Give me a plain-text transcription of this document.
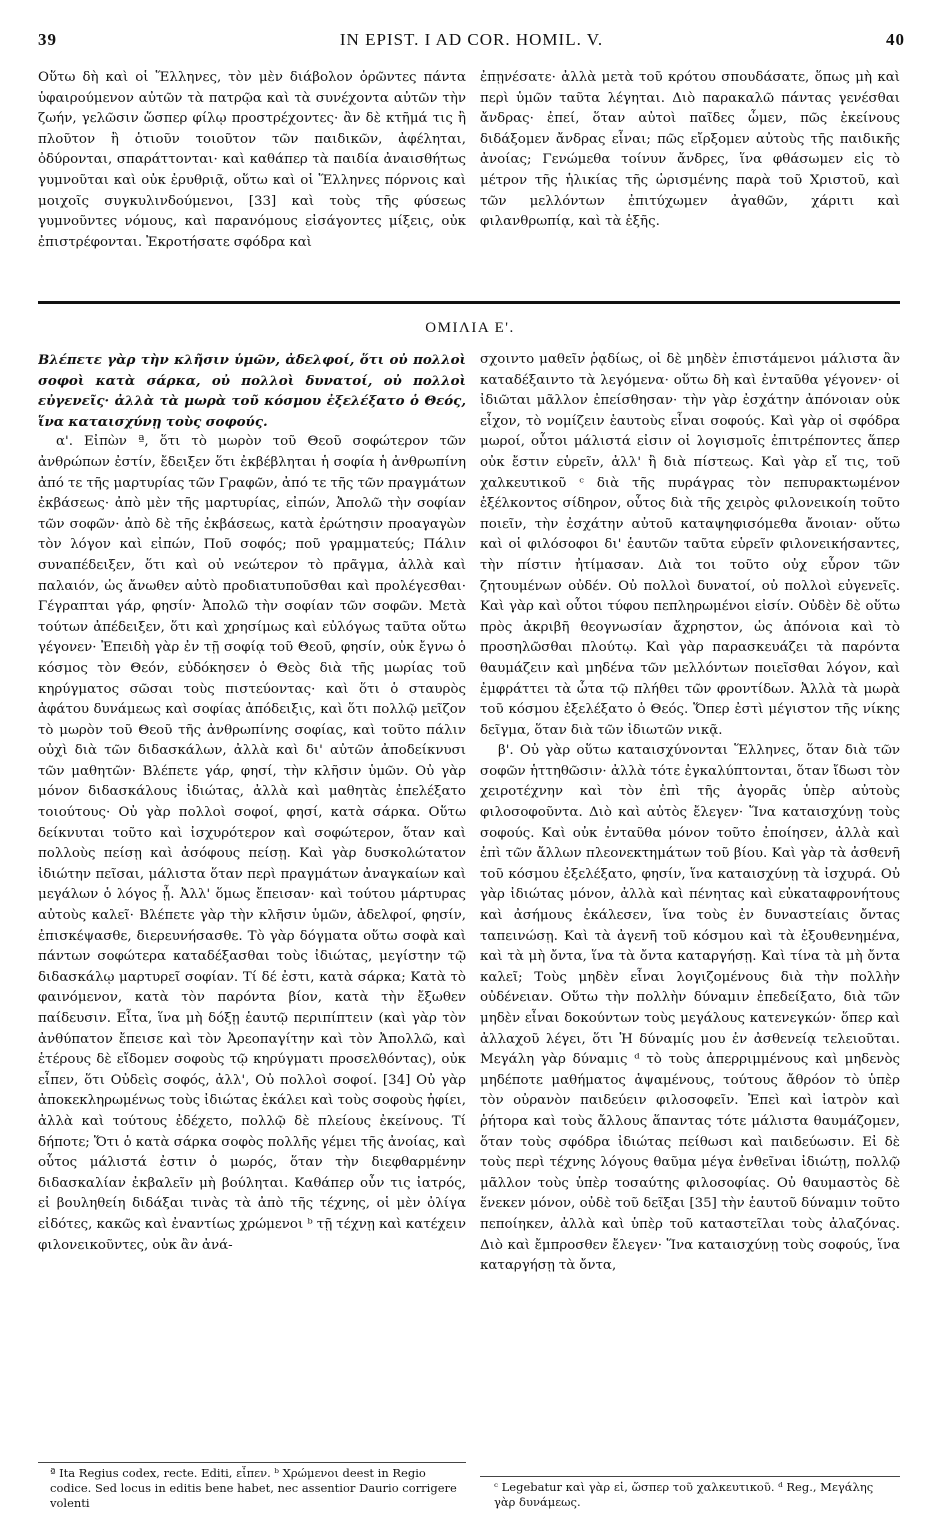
39	IN EPIST. I AD COR. HOMIL. V.	40

Οὕτω δὴ καὶ οἱ Ἕλληνες, τὸν μὲν διάβολον ὁρῶντες πάντα ὑφαιρούμενον αὐτῶν τὰ πατρῷα καὶ τὰ συνέχοντα αὐτῶν τὴν ζωήν, γελῶσιν ὥσπερ φίλῳ προστρέχοντες· ἂν δὲ κτῆμά τις ἢ πλοῦτον ἢ ὁτιοῦν τοιοῦτον τῶν παιδικῶν, ἀφέληται, ὀδύρονται, σπαράττονται· καὶ καθάπερ τὰ παιδία ἀναισθήτως γυμνοῦται καὶ οὐκ ἐρυθριᾷ, οὕτω καὶ οἱ Ἕλληνες πόρνοις καὶ μοιχοῖς συγκυλινδούμενοι, [33] καὶ τοὺς τῆς φύσεως γυμνοῦντες νόμους, καὶ παρανόμους εἰσάγοντες μίξεις, οὐκ ἐπιστρέφονται. Ἐκροτήσατε σφόδρα καὶ

ἐπῃνέσατε· ἀλλὰ μετὰ τοῦ κρότου σπουδάσατε, ὅπως μὴ καὶ περὶ ὑμῶν ταῦτα λέγηται. Διὸ παρακαλῶ πάντας γενέσθαι ἄνδρας· ἐπεί, ὅταν αὐτοὶ παῖδες ὦμεν, πῶς ἐκείνους διδάξομεν ἄνδρας εἶναι; πῶς εἴρξομεν αὐτοὺς τῆς παιδικῆς ἀνοίας; Γενώμεθα τοίνυν ἄνδρες, ἵνα φθάσωμεν εἰς τὸ μέτρον τῆς ἡλικίας τῆς ὡρισμένης παρὰ τοῦ Χριστοῦ, καὶ τῶν μελλόντων ἐπιτύχωμεν ἀγαθῶν, χάριτι καὶ φιλανθρωπίᾳ, καὶ τὰ ἑξῆς.

ΟΜΙΛΙΑ Ε'.

Βλέπετε γὰρ τὴν κλῆσιν ὑμῶν, ἀδελφοί, ὅτι οὐ πολλοὶ σοφοὶ κατὰ σάρκα, οὐ πολλοὶ δυνατοί, οὐ πολλοὶ εὐγενεῖς· ἀλλὰ τὰ μωρὰ τοῦ κόσμου ἐξελέξατο ὁ Θεός, ἵνα καταισχύνῃ τοὺς σοφούς.

α'. Εἰπὼν ª, ὅτι τὸ μωρὸν τοῦ Θεοῦ σοφώτερον τῶν ἀνθρώπων ἐστίν, ἔδειξεν ὅτι ἐκβέβληται ἡ σοφία ἡ ἀνθρωπίνη ἀπό τε τῆς μαρτυρίας τῶν Γραφῶν, ἀπό τε τῆς τῶν πραγμάτων ἐκβάσεως· ἀπὸ μὲν τῆς μαρτυρίας, εἰπών, Ἀπολῶ τὴν σοφίαν τῶν σοφῶν· ἀπὸ δὲ τῆς ἐκβάσεως, κατὰ ἐρώτησιν προαγαγὼν τὸν λόγον καὶ εἰπών, Ποῦ σοφός; ποῦ γραμματεύς; Πάλιν συναπέδειξεν, ὅτι καὶ οὐ νεώτερον τὸ πρᾶγμα, ἀλλὰ καὶ παλαιόν, ὡς ἄνωθεν αὐτὸ προδιατυποῦσθαι καὶ προλέγεσθαι· Γέγραπται γάρ, φησίν· Ἀπολῶ τὴν σοφίαν τῶν σοφῶν. Μετὰ τούτων ἀπέδειξεν, ὅτι καὶ χρησίμως καὶ εὐλόγως ταῦτα οὕτω γέγονεν· Ἐπειδὴ γὰρ ἐν τῇ σοφίᾳ τοῦ Θεοῦ, φησίν, οὐκ ἔγνω ὁ κόσμος τὸν Θεόν, εὐδόκησεν ὁ Θεὸς διὰ τῆς μωρίας τοῦ κηρύγματος σῶσαι τοὺς πιστεύοντας· καὶ ὅτι ὁ σταυρὸς ἀφάτου δυνάμεως καὶ σοφίας ἀπόδειξις, καὶ ὅτι πολλῷ μεῖζον τὸ μωρὸν τοῦ Θεοῦ τῆς ἀνθρωπίνης σοφίας, καὶ τοῦτο πάλιν οὐχὶ διὰ τῶν διδασκάλων, ἀλλὰ καὶ δι' αὐτῶν ἀποδείκνυσι τῶν μαθητῶν· Βλέπετε γάρ, φησί, τὴν κλῆσιν ὑμῶν. Οὐ γὰρ μόνον διδασκάλους ἰδιώτας, ἀλλὰ καὶ μαθητὰς ἐπελέξατο τοιούτους· Οὐ γὰρ πολλοὶ σοφοί, φησί, κατὰ σάρκα. Οὕτω δείκνυται τοῦτο καὶ ἰσχυρότερον καὶ σοφώτερον, ὅταν καὶ πολλοὺς πείσῃ καὶ ἀσόφους πείσῃ. Καὶ γὰρ δυσκολώτατον ἰδιώτην πεῖσαι, μάλιστα ὅταν περὶ πραγμάτων ἀναγκαίων καὶ μεγάλων ὁ λόγος ᾖ. Ἀλλ' ὅμως ἔπεισαν· καὶ τούτου μάρτυρας αὐτοὺς καλεῖ· Βλέπετε γὰρ τὴν κλῆσιν ὑμῶν, ἀδελφοί, φησίν, ἐπισκέψασθε, διερευνήσασθε. Τὸ γὰρ δόγματα οὕτω σοφὰ καὶ πάντων σοφώτερα καταδέξασθαι τοὺς ἰδιώτας, μεγίστην τῷ διδασκάλῳ μαρτυρεῖ σοφίαν. Τί δέ ἐστι, κατὰ σάρκα; Κατὰ τὸ φαινόμενον, κατὰ τὸν παρόντα βίον, κατὰ τὴν ἔξωθεν παίδευσιν. Εἶτα, ἵνα μὴ δόξῃ ἑαυτῷ περιπίπτειν (καὶ γὰρ τὸν ἀνθύπατον ἔπεισε καὶ τὸν Ἀρεοπαγίτην καὶ τὸν Ἀπολλῶ, καὶ ἑτέρους δὲ εἴδομεν σοφοὺς τῷ κηρύγματι προσελθόντας), οὐκ εἶπεν, ὅτι Οὐδεὶς σοφός, ἀλλ', Οὐ πολλοὶ σοφοί. [34] Οὐ γὰρ ἀποκεκληρωμένως τοὺς ἰδιώτας ἐκάλει καὶ τοὺς σοφοὺς ἠφίει, ἀλλὰ καὶ τούτους ἐδέχετο, πολλῷ δὲ πλείους ἐκείνους. Τί δήποτε; Ὅτι ὁ κατὰ σάρκα σοφὸς πολλῆς γέμει τῆς ἀνοίας, καὶ οὗτος μάλιστά ἐστιν ὁ μωρός, ὅταν τὴν διεφθαρμένην διδασκαλίαν ἐκβαλεῖν μὴ βούληται. Καθάπερ οὖν τις ἰατρός, εἰ βουληθείη διδάξαι τινὰς τὰ ἀπὸ τῆς τέχνης, οἱ μὲν ὀλίγα εἰδότες, κακῶς καὶ ἐναντίως χρώμενοι ᵇ τῇ τέχνῃ καὶ κατέχειν φιλονεικοῦντες, οὐκ ἂν ἀνά-

σχοιντο μαθεῖν ῥᾳδίως, οἱ δὲ μηδὲν ἐπιστάμενοι μάλιστα ἂν καταδέξαιντο τὰ λεγόμενα· οὕτω δὴ καὶ ἐνταῦθα γέγονεν· οἱ ἰδιῶται μᾶλλον ἐπείσθησαν· τὴν γὰρ ἐσχάτην ἀπόνοιαν οὐκ εἶχον, τὸ νομίζειν ἑαυτοὺς εἶναι σοφούς. Καὶ γὰρ οἱ σφόδρα μωροί, οὗτοι μάλιστά εἰσιν οἱ λογισμοῖς ἐπιτρέποντες ἅπερ οὐκ ἔστιν εὑρεῖν, ἀλλ' ἢ διὰ πίστεως. Καὶ γὰρ εἴ τις, τοῦ χαλκευτικοῦ ᶜ διὰ τῆς πυράγρας τὸν πεπυρακτωμένον ἐξέλκοντος σίδηρον, οὗτος διὰ τῆς χειρὸς φιλονεικοίη τοῦτο ποιεῖν, τὴν ἐσχάτην αὐτοῦ καταψηφισόμεθα ἄνοιαν· οὕτω καὶ οἱ φιλόσοφοι δι' ἑαυτῶν ταῦτα εὑρεῖν φιλονεικήσαντες, τὴν πίστιν ἠτίμασαν. Διὰ τοι τοῦτο οὐχ εὗρον τῶν ζητουμένων οὐδέν. Οὐ πολλοὶ δυνατοί, οὐ πολλοὶ εὐγενεῖς. Καὶ γὰρ καὶ οὗτοι τύφου πεπληρωμένοι εἰσίν. Οὐδὲν δὲ οὕτω πρὸς ἀκριβῆ θεογνωσίαν ἄχρηστον, ὡς ἀπόνοια καὶ τὸ προσηλῶσθαι πλούτῳ. Καὶ γὰρ παρασκευάζει τὰ παρόντα θαυμάζειν καὶ μηδένα τῶν μελλόντων ποιεῖσθαι λόγον, καὶ ἐμφράττει τὰ ὦτα τῷ πλήθει τῶν φροντίδων. Ἀλλὰ τὰ μωρὰ τοῦ κόσμου ἐξελέξατο ὁ Θεός. Ὅπερ ἐστὶ μέγιστον τῆς νίκης δεῖγμα, ὅταν διὰ τῶν ἰδιωτῶν νικᾷ.

β'. Οὐ γὰρ οὕτω καταισχύνονται Ἕλληνες, ὅταν διὰ τῶν σοφῶν ἡττηθῶσιν· ἀλλὰ τότε ἐγκαλύπτονται, ὅταν ἴδωσι τὸν χειροτέχνην καὶ τὸν ἐπὶ τῆς ἀγορᾶς ὑπὲρ αὐτοὺς φιλοσοφοῦντα. Διὸ καὶ αὐτὸς ἔλεγεν· Ἵνα καταισχύνῃ τοὺς σοφούς. Καὶ οὐκ ἐνταῦθα μόνον τοῦτο ἐποίησεν, ἀλλὰ καὶ ἐπὶ τῶν ἄλλων πλεονεκτημάτων τοῦ βίου. Καὶ γὰρ τὰ ἀσθενῆ τοῦ κόσμου ἐξελέξατο, φησίν, ἵνα καταισχύνῃ τὰ ἰσχυρά. Οὐ γὰρ ἰδιώτας μόνον, ἀλλὰ καὶ πένητας καὶ εὐκαταφρονήτους καὶ ἀσήμους ἐκάλεσεν, ἵνα τοὺς ἐν δυναστείαις ὄντας ταπεινώσῃ. Καὶ τὰ ἀγενῆ τοῦ κόσμου καὶ τὰ ἐξουθενημένα, καὶ τὰ μὴ ὄντα, ἵνα τὰ ὄντα καταργήσῃ. Καὶ τίνα τὰ μὴ ὄντα καλεῖ; Τοὺς μηδὲν εἶναι λογιζομένους διὰ τὴν πολλὴν οὐδένειαν. Οὕτω τὴν πολλὴν δύναμιν ἐπεδείξατο, διὰ τῶν μηδὲν εἶναι δοκούντων τοὺς μεγάλους κατενεγκών· ὅπερ καὶ ἀλλαχοῦ λέγει, ὅτι Ἡ δύναμίς μου ἐν ἀσθενείᾳ τελειοῦται. Μεγάλη γὰρ δύναμις ᵈ τὸ τοὺς ἀπερριμμένους καὶ μηδενὸς μηδέποτε μαθήματος ἁψαμένους, τούτους ἄθρόον τὸ ὑπὲρ τὸν οὐρανὸν παιδεύειν φιλοσοφεῖν. Ἐπεὶ καὶ ἰατρὸν καὶ ῥήτορα καὶ τοὺς ἄλλους ἅπαντας τότε μάλιστα θαυμάζομεν, ὅταν τοὺς σφόδρα ἰδιώτας πείθωσι καὶ παιδεύωσιν. Εἰ δὲ τοὺς περὶ τέχνης λόγους θαῦμα μέγα ἐνθεῖναι ἰδιώτῃ, πολλῷ μᾶλλον τοὺς ὑπὲρ τοσαύτης φιλοσοφίας. Οὐ θαυμαστὸς δὲ ἕνεκεν μόνον, οὐδὲ τοῦ δεῖξαι [35] τὴν ἑαυτοῦ δύναμιν τοῦτο πεποίηκεν, ἀλλὰ καὶ ὑπὲρ τοῦ καταστεῖλαι τοὺς ἀλαζόνας. Διὸ καὶ ἔμπροσθεν ἔλεγεν· Ἵνα καταισχύνῃ τοὺς σοφούς, ἵνα καταργήσῃ τὰ ὄντα,

ª Ita Regius codex, recte. Editi, εἶπεν. ᵇ Χρώμενοι deest in Regio codice. Sed locus in editis bene habet, nec assentior Daurio corrigere volenti
ᶜ Legebatur καὶ γὰρ εἰ, ὥσπερ τοῦ χαλκευτικοῦ. ᵈ Reg., Μεγάλης γὰρ δυνάμεως.
